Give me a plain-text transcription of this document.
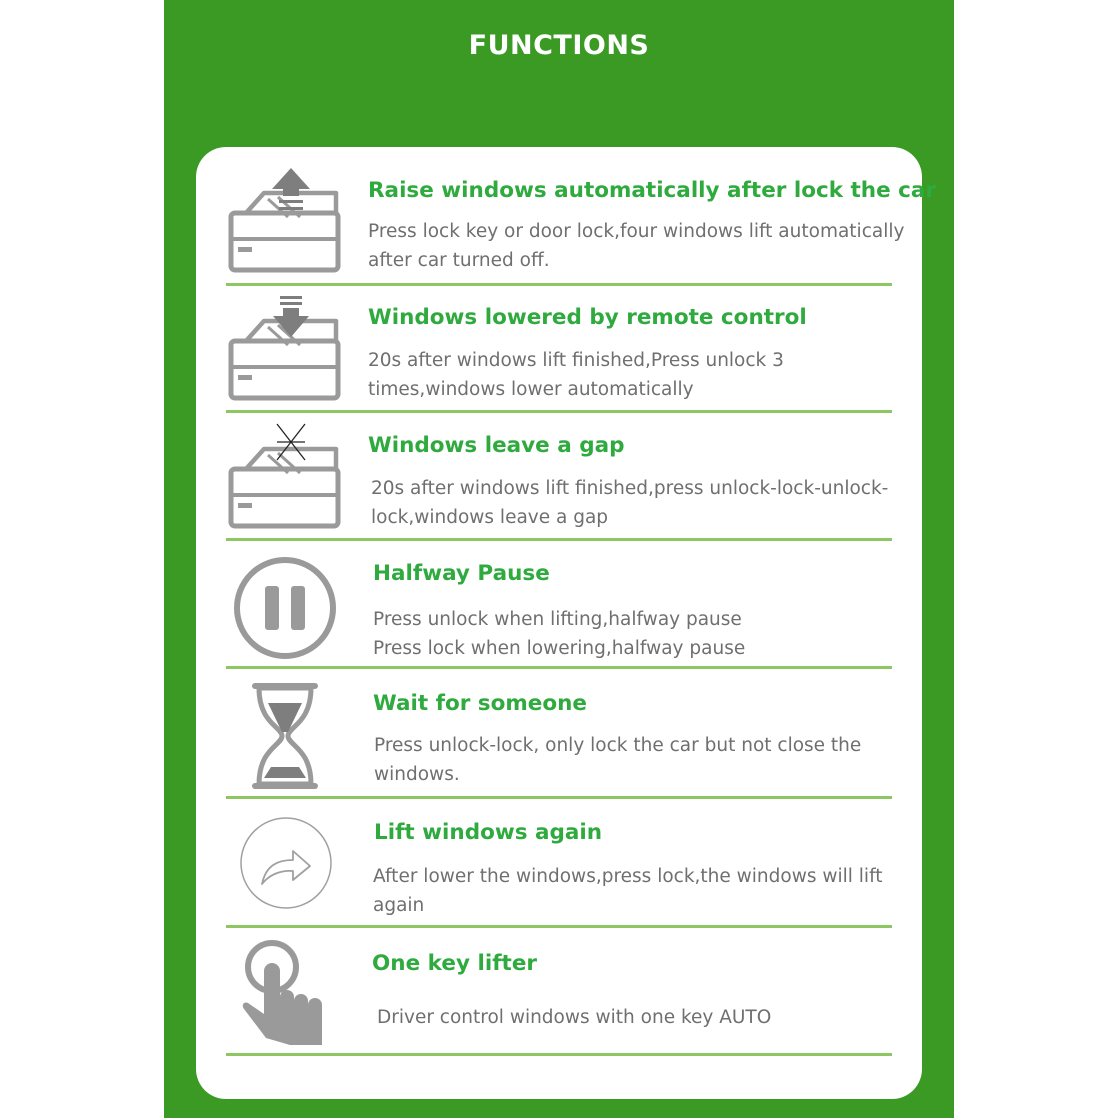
FUNCTIONS
Raise windows automatically after lock the car
Press lock key or door lock,four windows lift automatically after car turned off.
Windows lowered by remote control
20s after windows lift finished,Press unlock 3 times,windows lower automatically
Windows leave a gap
20s after windows lift finished,press unlock-lock-unlock-lock,windows leave a gap
Halfway Pause
Press unlock when lifting,halfway pause
Press lock when lowering,halfway pause
Wait for someone
Press unlock-lock, only lock the car but not close the windows.
Lift windows again
After lower the windows,press lock,the windows will lift again
One key lifter
Driver control windows with one key AUTO
